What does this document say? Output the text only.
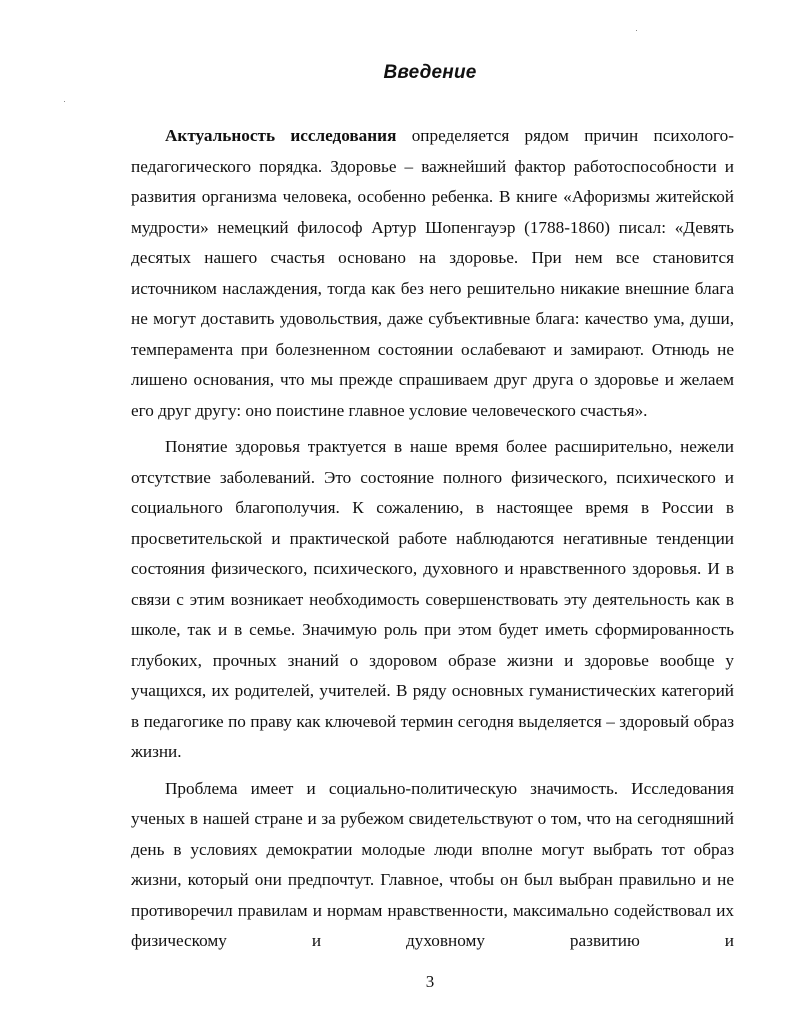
Введение

Актуальность исследования определяется рядом причин психолого-педагогического порядка. Здоровье – важнейший фактор работоспособности и развития организма человека, особенно ребенка. В книге «Афоризмы житейской мудрости» немецкий философ Артур Шопенгауэр (1788-1860) писал: «Девять десятых нашего счастья основано на здоровье. При нем все становится источником наслаждения, тогда как без него решительно никакие внешние блага не могут доставить удовольствия, даже субъективные блага: качество ума, души, темперамента при болезненном состоянии ослабевают и замирают. Отнюдь не лишено основания, что мы прежде спрашиваем друг друга о здоровье и желаем его друг другу: оно поистине главное условие человеческого счастья».

Понятие здоровья трактуется в наше время более расширительно, нежели отсутствие заболеваний. Это состояние полного физического, психического и социального благополучия. К сожалению, в настоящее время в России в просветительской и практической работе наблюдаются негативные тенденции состояния физического, психического, духовного и нравственного здоровья. И в связи с этим возникает необходимость совершенствовать эту деятельность как в школе, так и в семье. Значимую роль при этом будет иметь сформированность глубоких, прочных знаний о здоровом образе жизни и здоровье вообще у учащихся, их родителей, учителей. В ряду основных гуманистических категорий в педагогике по праву как ключевой термин сегодня выделяется – здоровый образ жизни.

Проблема имеет и социально-политическую значимость. Исследования ученых в нашей стране и за рубежом свидетельствуют о том, что на сегодняшний день в условиях демократии молодые люди вполне могут выбрать тот образ жизни, который они предпочтут. Главное, чтобы он был выбран правильно и не противоречил правилам и нормам нравственности, максимально содействовал их физическому и духовному развитию и

3
